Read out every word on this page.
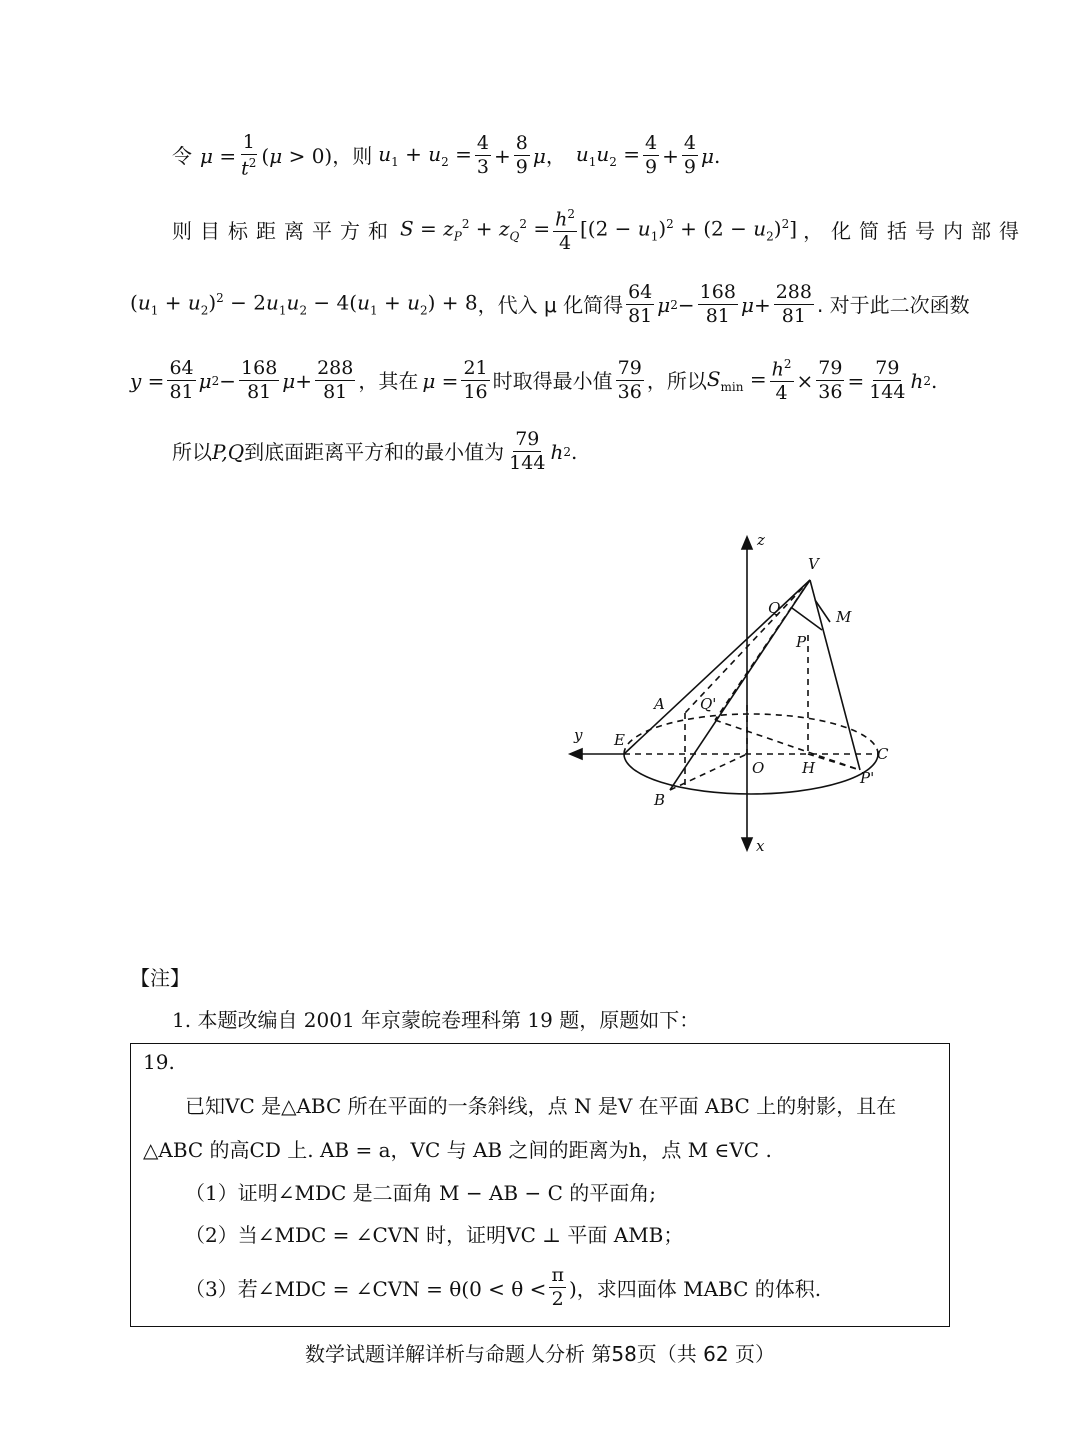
令 $\mu = \frac{1}{t^2} (\mu > 0)$ ，则 $u_1 + u_2 = \frac{4}{3} + \frac{8}{9}$ μ ， $u_1u_2 = \frac{4}{9} + \frac{4}{9}$ μ .
则目标距离平方和 $S = z_P^2 + z_Q^2 = \frac{h^2}{4} [(2 - u_1)^2 + (2 - u_2)^2]$ ，化简括号内部得
$(u_1 + u_2)^2 - 2u_1u_2 - 4(u_1 + u_2) + 8$ ，代入 μ 化简得 $\frac{64}{81}$ μ $2 - \frac{168}{81}$ $\mu + \frac{288}{81}$ . 对于此二次函数
$y = \frac{64}{81}$ μ $2 - \frac{168}{81}$ $\mu + \frac{288}{81}$ ，其在 $\mu = \frac{21}{16}$ 时取得最小值 $\frac{79}{36}$ ，所以 $S_{min} = \frac{h^2}{4} \times \frac{79}{36} = \frac{79}{144}$ h 2 .
所以 P,Q 到底面距离平方和的最小值为 $\frac{79}{144}$ h 2 .
z
V
Q	M
P
A Q'
y E
O	H
C
P'
B
x
【注】
1. 本题改编自 2001 年京蒙皖卷理科第 19 题，原题如下：
19.
已知VC 是△ABC 所在平面的一条斜线，点 N 是V 在平面 ABC 上的射影，且在
△ABC 的高CD 上. AB = a，VC 与 AB 之间的距离为h，点 M ∈VC .
（1）证明∠MDC 是二面角 M − AB − C 的平面角;
（2）当∠MDC = ∠CVN 时，证明VC ⊥ 平面 AMB；
（3）若∠MDC = ∠CVN = $\theta(0 < \theta < \frac{\pi}{2}$ )，求四面体 MABC 的体积.
数学试题详解详析与命题人分析 第58页（共 62 页）
